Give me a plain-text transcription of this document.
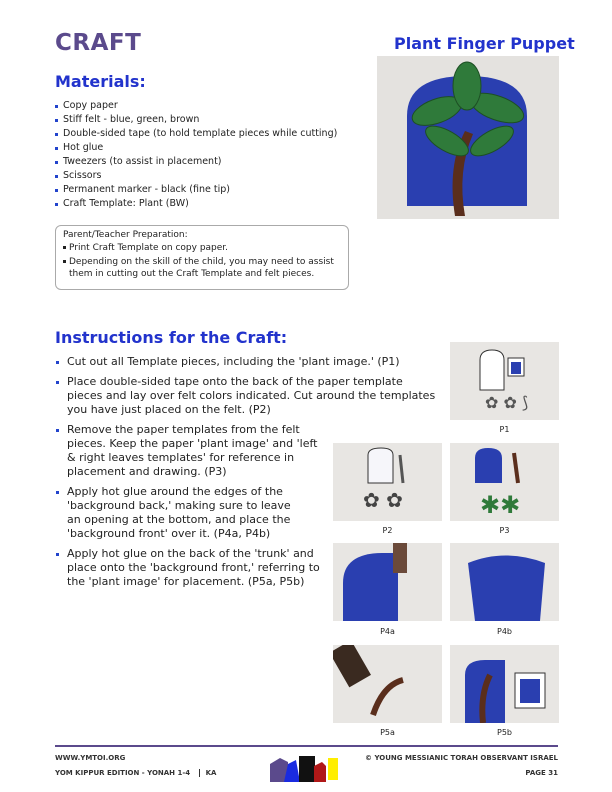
CRAFT	Plant Finger Puppet
Materials:
Copy paper
Stiff felt - blue, green, brown
Double-sided tape (to hold template pieces while cutting)
Hot glue
Tweezers (to assist in placement)
Scissors
Permanent marker - black (fine tip)
Craft Template: Plant (BW)
Parent/Teacher Preparation:
Print Craft Template on copy paper.
Depending on the skill of the child, you may need to assist them in cutting out the Craft Template and felt pieces.
Instructions for the Craft:
Cut out all Template pieces, including the 'plant image.' (P1)
Place double-sided tape onto the back of the paper template pieces and lay over felt colors indicated. Cut around the templates you have just placed on the felt. (P2)
Remove the paper templates from the felt pieces. Keep the paper 'plant image' and 'left & right leaves templates' for reference in placement and drawing. (P3)
Apply hot glue around the edges of the 'background back,' making sure to leave an opening at the bottom, and place the 'background front' over it. (P4a, P4b)
Apply hot glue on the back of the 'trunk' and place onto the 'background front,' referring to the 'plant image' for placement. (P5a, P5b)
✿ ✿ ⟆
P1
✿ ✿
P2
✱✱
P3
P4a	P4b
P5a	P5b
WWW.YMTOI.ORG
YOM KIPPUR EDITION - YONAH 1-4 KA
© YOUNG MESSIANIC TORAH OBSERVANT ISRAEL
PAGE 31
